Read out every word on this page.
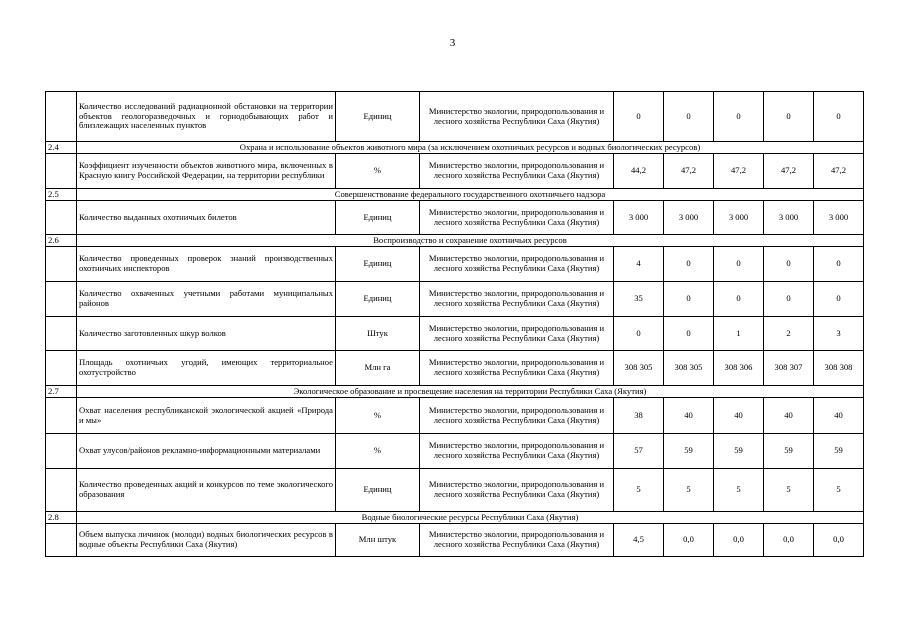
3
	Количество исследований радиационной обстановки на территории объектов геологоразведочных и горнодобывающих работ и близлежащих населенных пунктов	Единиц	Министерство экологии, природопользования и лесного хозяйства Республики Саха (Якутия)	0	0	0	0	0
2.4	Охрана и использование объектов животного мира (за исключением охотничьих ресурсов и водных биологических ресурсов)							
	Коэффициент изученности объектов животного мира, включенных в Красную книгу Российской Федерации, на территории республики	%	Министерство экологии, природопользования и лесного хозяйства Республики Саха (Якутия)	44,2	47,2	47,2	47,2	47,2
2.5	Совершенствование федерального государственного охотничьего надзора							
	Количество выданных охотничьих билетов	Единиц	Министерство экологии, природопользования и лесного хозяйства Республики Саха (Якутия)	3 000	3 000	3 000	3 000	3 000
2.6	Воспроизводство и сохранение охотничьих ресурсов							
	Количество проведенных проверок знаний производственных охотничьих инспекторов	Единиц	Министерство экологии, природопользования и лесного хозяйства Республики Саха (Якутия)	4	0	0	0	0
	Количество охваченных учетными работами муниципальных районов	Единиц	Министерство экологии, природопользования и лесного хозяйства Республики Саха (Якутия)	35	0	0	0	0
	Количество заготовленных шкур волков	Штук	Министерство экологии, природопользования и лесного хозяйства Республики Саха (Якутия)	0	0	1	2	3
	Площадь охотничьих угодий, имеющих территориальное охотустройство	Млн га	Министерство экологии, природопользования и лесного хозяйства Республики Саха (Якутия)	308 305	308 305	308 306	308 307	308 308
2.7	Экологическое образование и просвещение населения на территории Республики Саха (Якутия)							
	Охват населения республиканской экологической акцией «Природа и мы»	%	Министерство экологии, природопользования и лесного хозяйства Республики Саха (Якутия)	38	40	40	40	40
	Охват улусов/районов рекламно-информационными материалами	%	Министерство экологии, природопользования и лесного хозяйства Республики Саха (Якутия)	57	59	59	59	59
	Количество проведенных акций и конкурсов по теме экологического образования	Единиц	Министерство экологии, природопользования и лесного хозяйства Республики Саха (Якутия)	5	5	5	5	5
2.8	Водные биологические ресурсы Республики Саха (Якутия)							
	Объем выпуска личинок (молоди) водных биологических ресурсов в водные объекты Республики Саха (Якутия)	Млн штук	Министерство экологии, природопользования и лесного хозяйства Республики Саха (Якутия)	4,5	0,0	0,0	0,0	0,0
